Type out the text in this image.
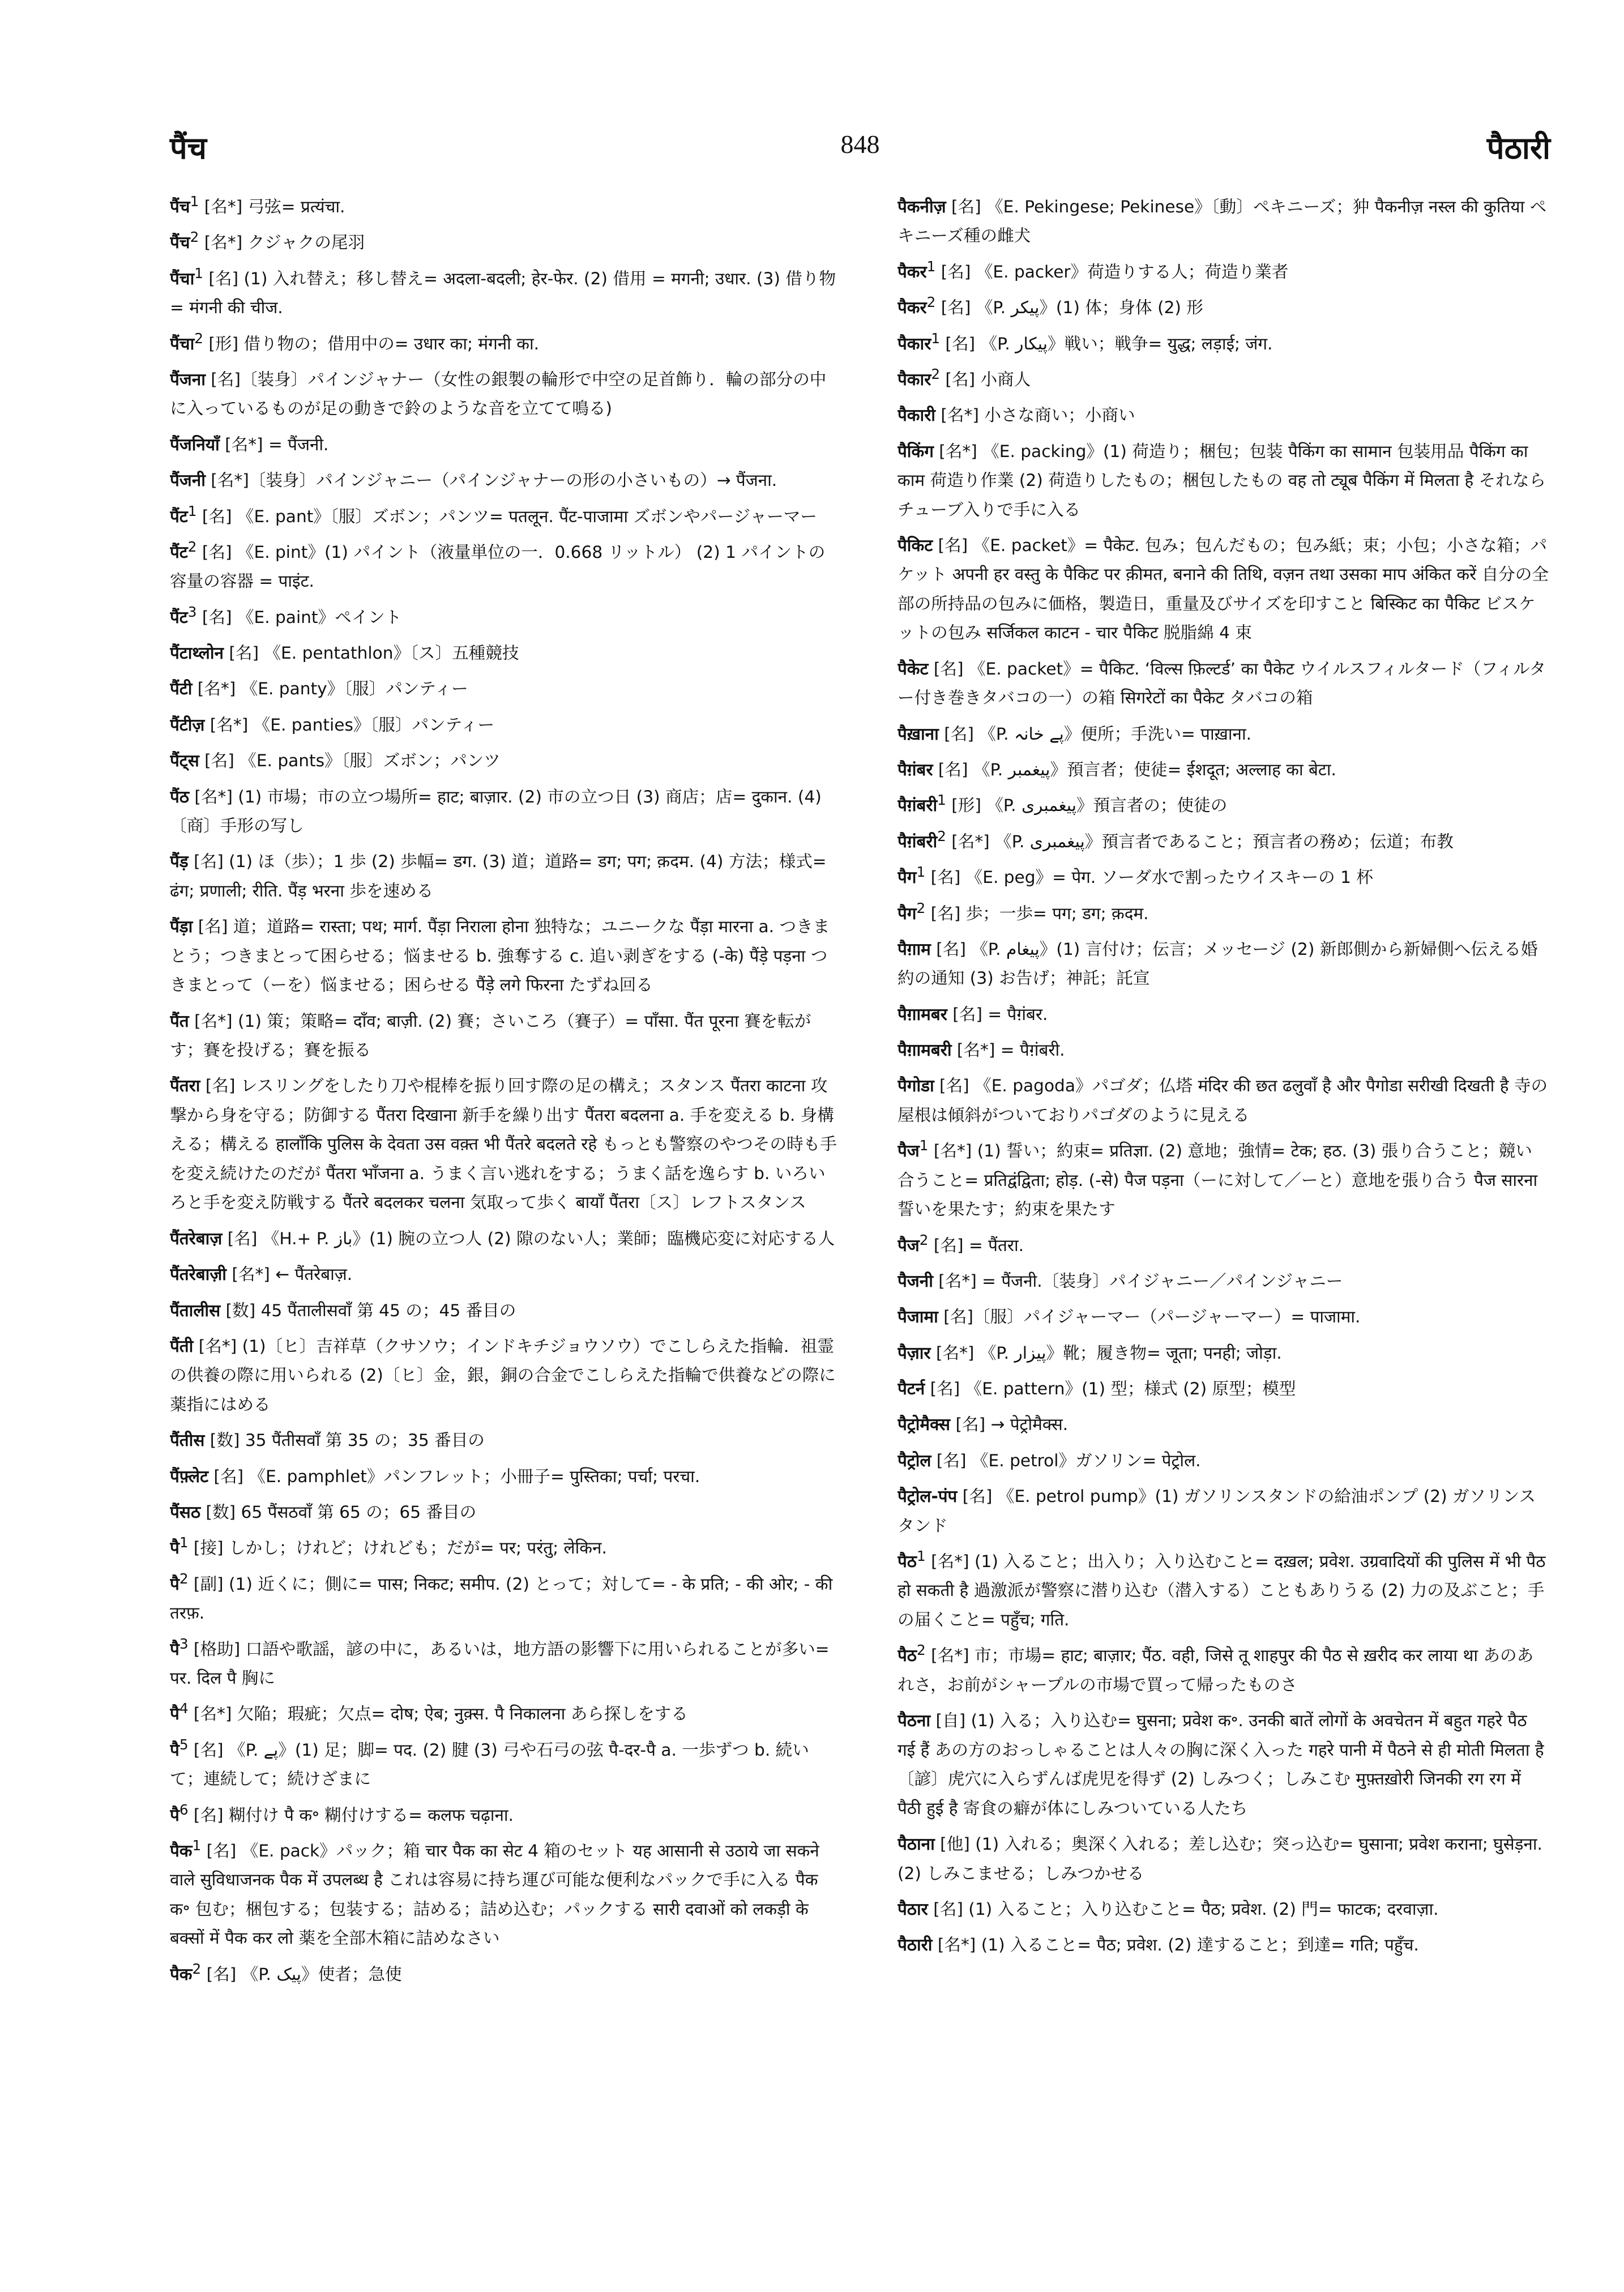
पैंच	848	पैठारी
पैंच$^1$ [名*] 弓弦= प्रत्यंचा.
पैंच$^2$ [名*] クジャクの尾羽
पैंचा$^1$ [名] (1) 入れ替え；移し替え= अदला-बदली; हेर-फेर. (2) 借用 = मगनी; उधार. (3) 借り物 = मंगनी की चीज.
पैंचा$^2$ [形] 借り物の；借用中の= उधार का; मंगनी का.
पैंजना [名]〔装身〕パインジャナー（女性の銀製の輪形で中空の足首飾り．輪の部分の中に入っているものが足の動きで鈴のような音を立てて鳴る)
पैंजनियाँ [名*] = पैंजनी.
पैंजनी [名*]〔装身〕パインジャニー（パインジャナーの形の小さいもの）→ पैंजना.
पैंट$^1$ [名] 《E. pant》〔服〕ズボン；パンツ= पतलून. पैंट-पाजामा ズボンやパージャーマー
पैंट$^2$ [名] 《E. pint》(1) パイント（液量単位の一．0.668 リットル） (2) 1 パイントの容量の容器 = पाइंट.
पैंट$^3$ [名] 《E. paint》ペイント
पैंटाथ्लोन [名] 《E. pentathlon》〔ス〕五種競技
पैंटी [名*] 《E. panty》〔服〕パンティー
पैंटीज़ [名*] 《E. panties》〔服〕パンティー
पैंट्स [名] 《E. pants》〔服〕ズボン；パンツ
पैंठ [名*] (1) 市場；市の立つ場所= हाट; बाज़ार. (2) 市の立つ日 (3) 商店；店= दुकान. (4)〔商〕手形の写し
पैंड़ [名] (1) ほ（歩）；1 歩 (2) 歩幅= डग. (3) 道；道路= डग; पग; क़दम. (4) 方法；様式= ढंग; प्रणाली; रीति. पैंड़ भरना 歩を速める
पैंड़ा [名] 道；道路= रास्ता; पथ; मार्ग. पैंड़ा निराला होना 独特な；ユニークな पैंड़ा मारना a. つきまとう；つきまとって困らせる；悩ませる b. 強奪する c. 追い剥ぎをする (-के) पैंड़े पड़ना つきまとって（ーを）悩ませる；困らせる पैंड़े लगे फिरना たずね回る
पैंत [名*] (1) 策；策略= दाँव; बाज़ी. (2) 賽；さいころ（賽子）= पाँसा. पैंत पूरना 賽を転がす；賽を投げる；賽を振る
पैंतरा [名] レスリングをしたり刀や棍棒を振り回す際の足の構え；スタンス पैंतरा काटना 攻撃から身を守る；防御する पैंतरा दिखाना 新手を繰り出す पैंतरा बदलना a. 手を変える b. 身構える；構える हालाँकि पुलिस के देवता उस वक़्त भी पैंतरे बदलते रहे もっとも警察のやつその時も手を変え続けたのだが पैंतरा भाँजना a. うまく言い逃れをする；うまく話を逸らす b. いろいろと手を変え防戦する पैंतरे बदलकर चलना 気取って歩く बायाँ पैंतरा〔ス〕レフトスタンス
पैंतरेबाज़ [名] 《H.+ P. باز》(1) 腕の立つ人 (2) 隙のない人；業師；臨機応変に対応する人
पैंतरेबाज़ी [名*] ← पैंतरेबाज़.
पैंतालीस [数] 45 पैंतालीसवाँ 第 45 の；45 番目の
पैंती [名*] (1)〔ヒ〕吉祥草（クサソウ；インドキチジョウソウ）でこしらえた指輪．祖霊の供養の際に用いられる (2)〔ヒ〕金，銀，銅の合金でこしらえた指輪で供養などの際に薬指にはめる
पैंतीस [数] 35 पैंतीसवाँ 第 35 の；35 番目の
पैंफ़्लेट [名] 《E. pamphlet》パンフレット；小冊子= पुस्तिका; पर्चा; परचा.
पैंसठ [数] 65 पैंसठवाँ 第 65 の；65 番目の
पै$^1$ [接] しかし；けれど；けれども；だが= पर; परंतु; लेकिन.
पै$^2$ [副] (1) 近くに；側に= पास; निकट; समीप. (2) とって；対して= - के प्रति; - की ओर; - की तरफ़.
पै$^3$ [格助] 口語や歌謡，諺の中に，あるいは，地方語の影響下に用いられることが多い= पर. दिल पै 胸に
पै$^4$ [名*] 欠陥；瑕疵；欠点= दोष; ऐब; नुक़्स. पै निकालना あら探しをする
पै$^5$ [名] 《P. پے》(1) 足；脚= पद. (2) 腱 (3) 弓や石弓の弦 पै-दर-पै a. 一歩ずつ b. 続いて；連続して；続けざまに
पै$^6$ [名] 糊付け पै क॰ 糊付けする= कलफ चढ़ाना.
पैक$^1$ [名] 《E. pack》パック；箱 चार पैक का सेट 4 箱のセット यह आसानी से उठाये जा सकने वाले सुविधाजनक पैक में उपलब्ध है これは容易に持ち運び可能な便利なパックで手に入る पैक क॰ 包む；梱包する；包装する；詰める；詰め込む；パックする सारी दवाओं को लकड़ी के बक्सों में पैक कर लो 薬を全部木箱に詰めなさい
पैक$^2$ [名] 《P. پیک》使者；急使
पैकनीज़ [名] 《E. Pekingese; Pekinese》〔動〕ペキニーズ；狆 पैकनीज़ नस्ल की कुतिया ペキニーズ種の雌犬
पैकर$^1$ [名] 《E. packer》荷造りする人；荷造り業者
पैकर$^2$ [名] 《P. پیکر》(1) 体；身体 (2) 形
पैकार$^1$ [名] 《P. پیکار》戦い；戦争= युद्ध; लड़ाई; जंग.
पैकार$^2$ [名] 小商人
पैकारी [名*] 小さな商い；小商い
पैकिंग [名*] 《E. packing》(1) 荷造り；梱包；包装 पैकिंग का सामान 包装用品 पैकिंग का काम 荷造り作業 (2) 荷造りしたもの；梱包したもの वह तो ट्यूब पैकिंग में मिलता है それならチューブ入りで手に入る
पैकिट [名] 《E. packet》= पैकेट. 包み；包んだもの；包み紙；束；小包；小さな箱；パケット अपनी हर वस्तु के पैकिट पर क़ीमत, बनाने की तिथि, वज़न तथा उसका माप अंकित करें 自分の全部の所持品の包みに価格，製造日，重量及びサイズを印すこと बिस्किट का पैकिट ビスケットの包み सर्जिकल काटन - चार पैकिट 脱脂綿 4 束
पैकेट [名] 《E. packet》= पैकिट. ‘विल्स फ़िल्टर्ड’ का पैकेट ウイルスフィルタード（フィルター付き巻きタバコの一）の箱 सिगरेटों का पैकेट タバコの箱
पैख़ाना [名] 《P. پے خانہ》便所；手洗い= पाख़ाना.
पैग़ंबर [名] 《P. پیغمبر》預言者；使徒= ईशदूत; अल्लाह का बेटा.
पैग़ंबरी$^1$ [形] 《P. پیغمبری》預言者の；使徒の
पैग़ंबरी$^2$ [名*] 《P. پیغمبری》預言者であること；預言者の務め；伝道；布教
पैग$^1$ [名] 《E. peg》= पेग. ソーダ水で割ったウイスキーの 1 杯
पैग$^2$ [名] 歩；一歩= पग; डग; क़दम.
पैग़ाम [名] 《P. پیغام》(1) 言付け；伝言；メッセージ (2) 新郎側から新婦側へ伝える婚約の通知 (3) お告げ；神託；託宣
पैग़ामबर [名] = पैग़ंबर.
पैग़ामबरी [名*] = पैग़ंबरी.
पैगोडा [名] 《E. pagoda》パゴダ；仏塔 मंदिर की छत ढलुवाँ है और पैगोडा सरीखी दिखती है 寺の屋根は傾斜がついておりパゴダのように見える
पैज$^1$ [名*] (1) 誓い；約束= प्रतिज्ञा. (2) 意地；強情= टेक; हठ. (3) 張り合うこと；競い合うこと= प्रतिद्वंद्विता; होड़. (-से) पैज पड़ना（ーに対して／ーと）意地を張り合う पैज सारना 誓いを果たす；約束を果たす
पैज$^2$ [名] = पैंतरा.
पैजनी [名*] = पैंजनी.〔装身〕パイジャニー／パインジャニー
पैजामा [名]〔服〕パイジャーマー（パージャーマー）= पाजामा.
पैज़ार [名*] 《P. پیزار》靴；履き物= जूता; पनही; जोड़ा.
पैटर्न [名] 《E. pattern》(1) 型；様式 (2) 原型；模型
पैट्रोमैक्स [名] → पेट्रोमैक्स.
पैट्रोल [名] 《E. petrol》ガソリン= पेट्रोल.
पैट्रोल-पंप [名] 《E. petrol pump》(1) ガソリンスタンドの給油ポンプ (2) ガソリンスタンド
पैठ$^1$ [名*] (1) 入ること；出入り；入り込むこと= दख़ल; प्रवेश. उग्रवादियों की पुलिस में भी पैठ हो सकती है 過激派が警察に潜り込む（潜入する）こともありうる (2) 力の及ぶこと；手の届くこと= पहुँच; गति.
पैठ$^2$ [名*] 市；市場= हाट; बाज़ार; पैंठ. वही, जिसे तू शाहपुर की पैठ से ख़रीद कर लाया था あのあれさ，お前がシャープルの市場で買って帰ったものさ
पैठना [自] (1) 入る；入り込む= घुसना; प्रवेश क॰. उनकी बातें लोगों के अवचेतन में बहुत गहरे पैठ गई हैं あの方のおっしゃることは人々の胸に深く入った गहरे पानी में पैठने से ही मोती मिलता है〔諺〕虎穴に入らずんば虎児を得ず (2) しみつく；しみこむ मुफ़्तख़ोरी जिनकी रग रग में पैठी हुई है 寄食の癖が体にしみついている人たち
पैठाना [他] (1) 入れる；奥深く入れる；差し込む；突っ込む= घुसाना; प्रवेश कराना; घुसेड़ना. (2) しみこませる；しみつかせる
पैठार [名] (1) 入ること；入り込むこと= पैठ; प्रवेश. (2) 門= फाटक; दरवाज़ा.
पैठारी [名*] (1) 入ること= पैठ; प्रवेश. (2) 達すること；到達= गति; पहुँच.
